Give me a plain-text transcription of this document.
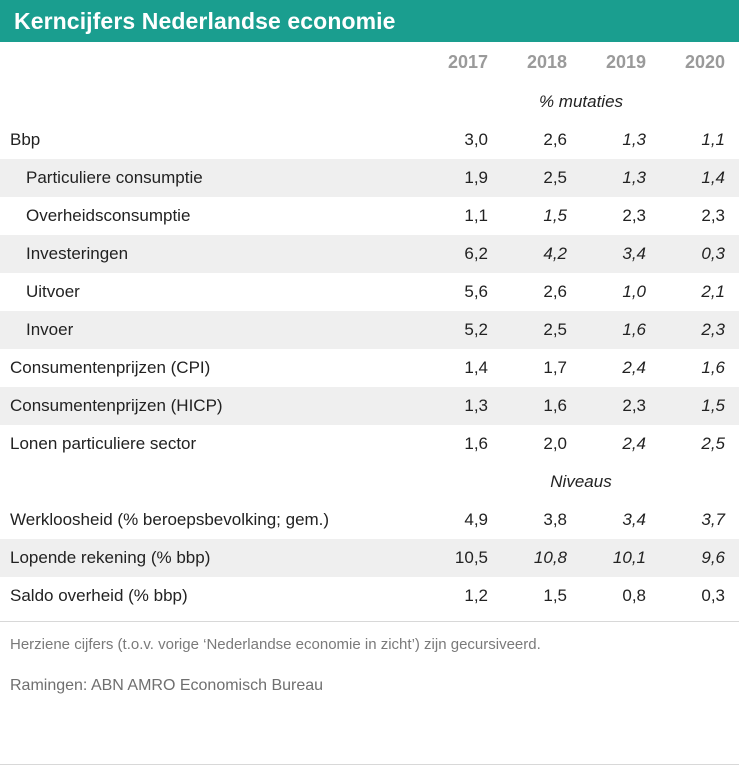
Kerncijfers Nederlandse economie
	2017	2018	2019	2020
	% mutaties			
Bbp	3,0	2,6	1,3	1,1
Particuliere consumptie	1,9	2,5	1,3	1,4
Overheidsconsumptie	1,1	1,5	2,3	2,3
Investeringen	6,2	4,2	3,4	0,3
Uitvoer	5,6	2,6	1,0	2,1
Invoer	5,2	2,5	1,6	2,3
Consumentenprijzen (CPI)	1,4	1,7	2,4	1,6
Consumentenprijzen (HICP)	1,3	1,6	2,3	1,5
Lonen particuliere sector	1,6	2,0	2,4	2,5
	Niveaus			
Werkloosheid (% beroepsbevolking; gem.)	4,9	3,8	3,4	3,7
Lopende rekening (% bbp)	10,5	10,8	10,1	9,6
Saldo overheid (% bbp)	1,2	1,5	0,8	0,3
Herziene cijfers (t.o.v. vorige ‘Nederlandse economie in zicht’) zijn gecursiveerd.
Ramingen: ABN AMRO Economisch Bureau
